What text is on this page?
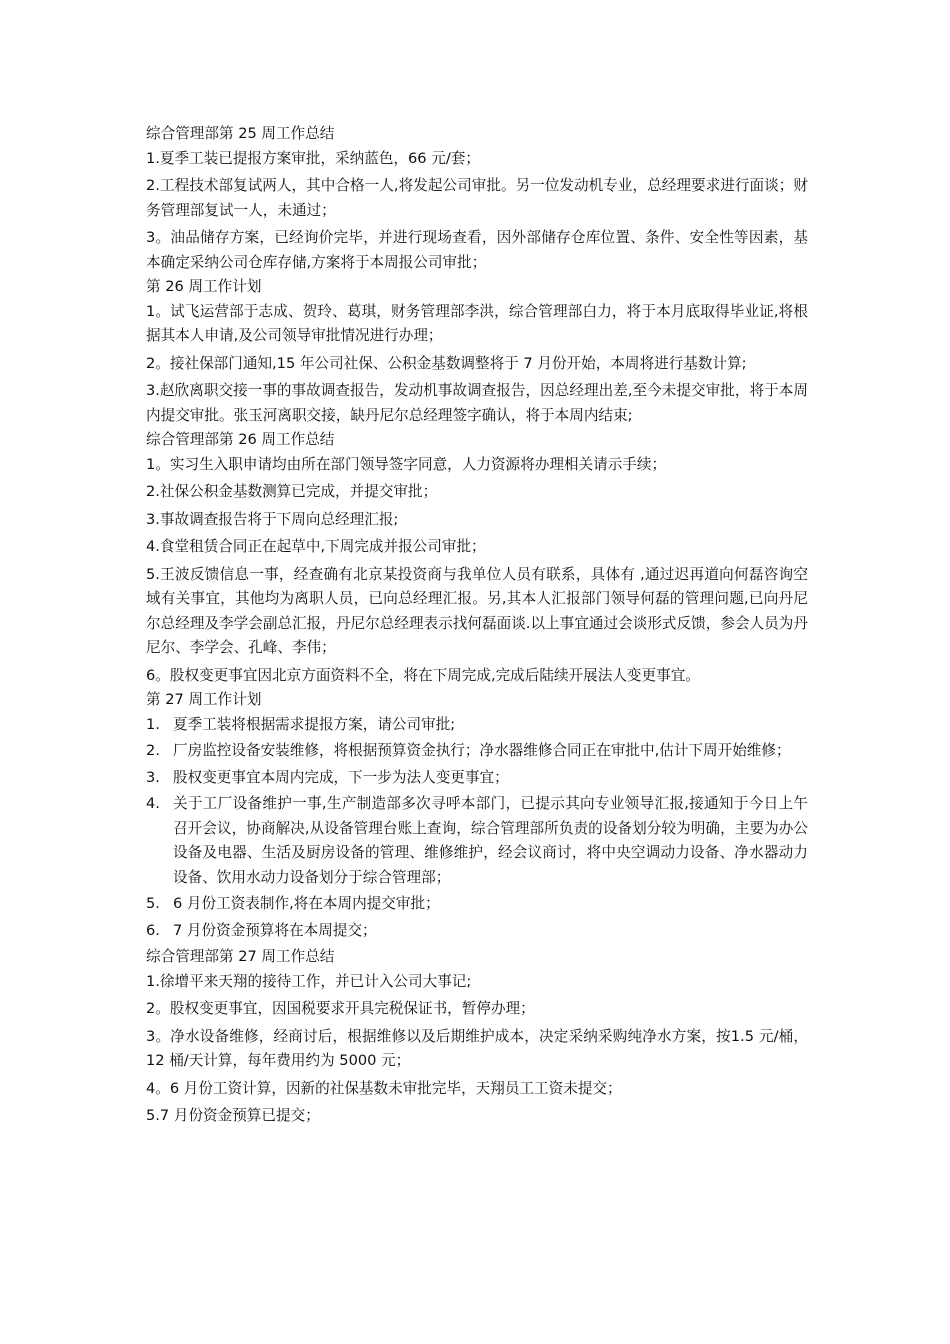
综合管理部第 25 周工作总结

1.夏季工装已提报方案审批，采纳蓝色，66 元/套；

2.工程技术部复试两人，其中合格一人,将发起公司审批。另一位发动机专业，总经理要求进行面谈；财务管理部复试一人，未通过；

3。油品储存方案，已经询价完毕，并进行现场查看，因外部储存仓库位置、条件、安全性等因素，基本确定采纳公司仓库存储,方案将于本周报公司审批；

第 26 周工作计划

1。试飞运营部于志成、贺玲、葛琪，财务管理部李洪，综合管理部白力，将于本月底取得毕业证,将根据其本人申请,及公司领导审批情况进行办理；

2。接社保部门通知,15 年公司社保、公积金基数调整将于 7 月份开始，本周将进行基数计算;

3.赵欣离职交接一事的事故调查报告，发动机事故调查报告，因总经理出差,至今未提交审批，将于本周内提交审批。张玉河离职交接，缺丹尼尔总经理签字确认，将于本周内结束;

综合管理部第 26 周工作总结

1。实习生入职申请均由所在部门领导签字同意，人力资源将办理相关请示手续；

2.社保公积金基数测算已完成，并提交审批；

3.事故调查报告将于下周向总经理汇报;

4.食堂租赁合同正在起草中,下周完成并报公司审批；

5.王波反馈信息一事，经查确有北京某投资商与我单位人员有联系，具体有 ,通过迟再道向何磊咨询空域有关事宜，其他均为离职人员，已向总经理汇报。另,其本人汇报部门领导何磊的管理问题,已向丹尼尔总经理及李学会副总汇报，丹尼尔总经理表示找何磊面谈.以上事宜通过会谈形式反馈，参会人员为丹尼尔、李学会、孔峰、李伟；

6。股权变更事宜因北京方面资料不全，将在下周完成,完成后陆续开展法人变更事宜。

第 27 周工作计划

1. 夏季工装将根据需求提报方案，请公司审批;
2. 厂房监控设备安装维修，将根据预算资金执行；净水器维修合同正在审批中,估计下周开始维修；
3. 股权变更事宜本周内完成，下一步为法人变更事宜；
4. 关于工厂设备维护一事,生产制造部多次寻呼本部门，已提示其向专业领导汇报,接通知于今日上午召开会议，协商解决,从设备管理台账上查询，综合管理部所负责的设备划分较为明确，主要为办公设备及电器、生活及厨房设备的管理、维修维护，经会议商讨，将中央空调动力设备、净水器动力设备、饮用水动力设备划分于综合管理部；
5. 6 月份工资表制作,将在本周内提交审批；
6. 7 月份资金预算将在本周提交；

综合管理部第 27 周工作总结

1.徐增平来天翔的接待工作，并已计入公司大事记;

2。股权变更事宜，因国税要求开具完税保证书，暂停办理；

3。净水设备维修，经商讨后，根据维修以及后期维护成本，决定采纳采购纯净水方案，按1.5 元/桶，12 桶/天计算，每年费用约为 5000 元；

4。6 月份工资计算，因新的社保基数未审批完毕，天翔员工工资未提交；

5.7 月份资金预算已提交；
